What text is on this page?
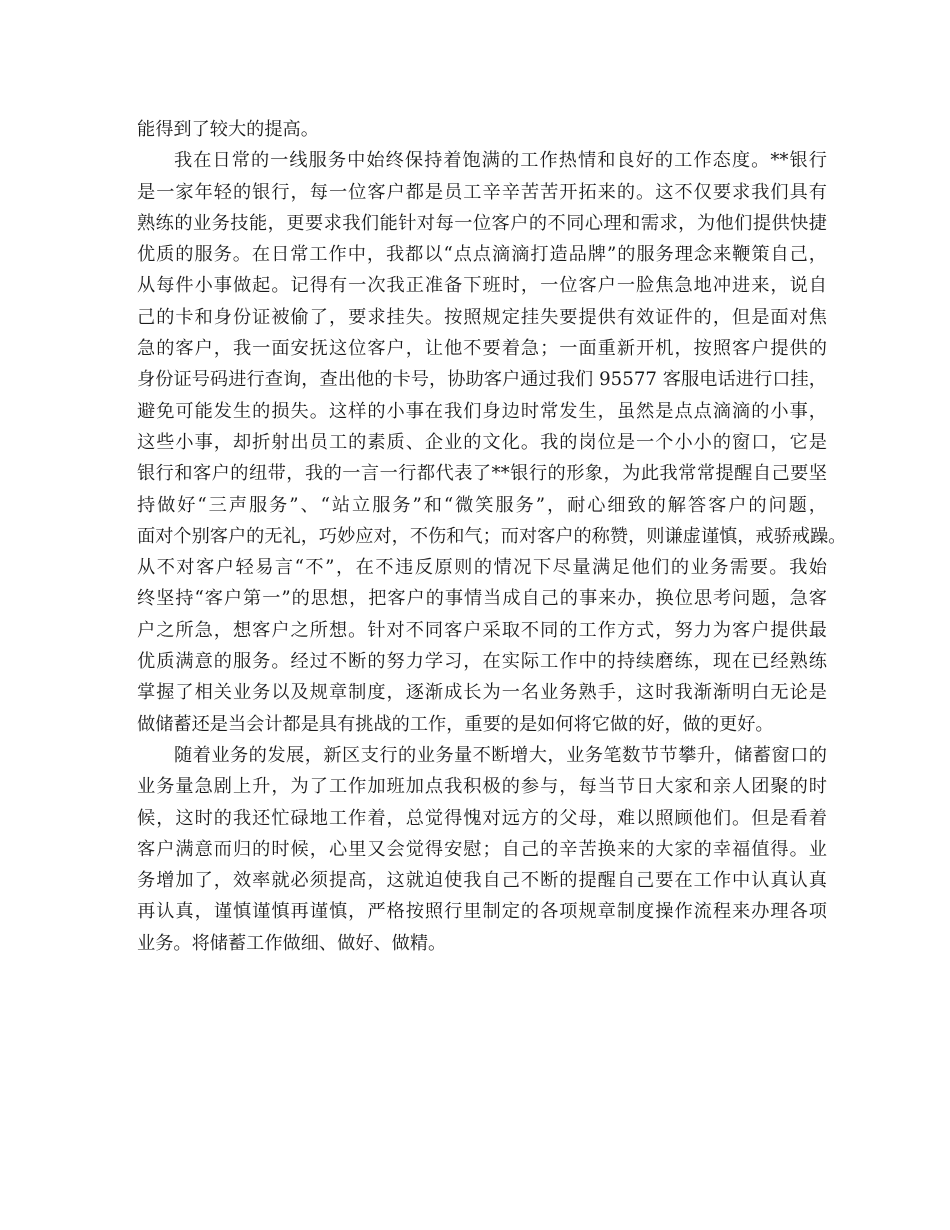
能得到了较大的提高。
我在日常的一线服务中始终保持着饱满的工作热情和良好的工作态度。**银行
是一家年轻的银行，每一位客户都是员工辛辛苦苦开拓来的。这不仅要求我们具有
熟练的业务技能，更要求我们能针对每一位客户的不同心理和需求，为他们提供快捷
优质的服务。在日常工作中，我都以“点点滴滴打造品牌”的服务理念来鞭策自己，
从每件小事做起。记得有一次我正准备下班时，一位客户一脸焦急地冲进来，说自
己的卡和身份证被偷了，要求挂失。按照规定挂失要提供有效证件的，但是面对焦
急的客户，我一面安抚这位客户，让他不要着急；一面重新开机，按照客户提供的
身份证号码进行查询，查出他的卡号，协助客户通过我们 95577 客服电话进行口挂，
避免可能发生的损失。这样的小事在我们身边时常发生，虽然是点点滴滴的小事，
这些小事，却折射出员工的素质、企业的文化。我的岗位是一个小小的窗口，它是
银行和客户的纽带，我的一言一行都代表了**银行的形象，为此我常常提醒自己要坚
持做好“三声服务”、“站立服务”和“微笑服务”，耐心细致的解答客户的问题，
面对个别客户的无礼，巧妙应对，不伤和气；而对客户的称赞，则谦虚谨慎，戒骄戒躁。
从不对客户轻易言“不”，在不违反原则的情况下尽量满足他们的业务需要。我始
终坚持“客户第一”的思想，把客户的事情当成自己的事来办，换位思考问题，急客
户之所急，想客户之所想。针对不同客户采取不同的工作方式，努力为客户提供最
优质满意的服务。经过不断的努力学习，在实际工作中的持续磨练，现在已经熟练
掌握了相关业务以及规章制度，逐渐成长为一名业务熟手，这时我渐渐明白无论是
做储蓄还是当会计都是具有挑战的工作，重要的是如何将它做的好，做的更好。
随着业务的发展，新区支行的业务量不断增大，业务笔数节节攀升，储蓄窗口的
业务量急剧上升，为了工作加班加点我积极的参与，每当节日大家和亲人团聚的时
候，这时的我还忙碌地工作着，总觉得愧对远方的父母，难以照顾他们。但是看着
客户满意而归的时候，心里又会觉得安慰；自己的辛苦换来的大家的幸福值得。业
务增加了，效率就必须提高，这就迫使我自己不断的提醒自己要在工作中认真认真
再认真，谨慎谨慎再谨慎，严格按照行里制定的各项规章制度操作流程来办理各项
业务。将储蓄工作做细、做好、做精。
